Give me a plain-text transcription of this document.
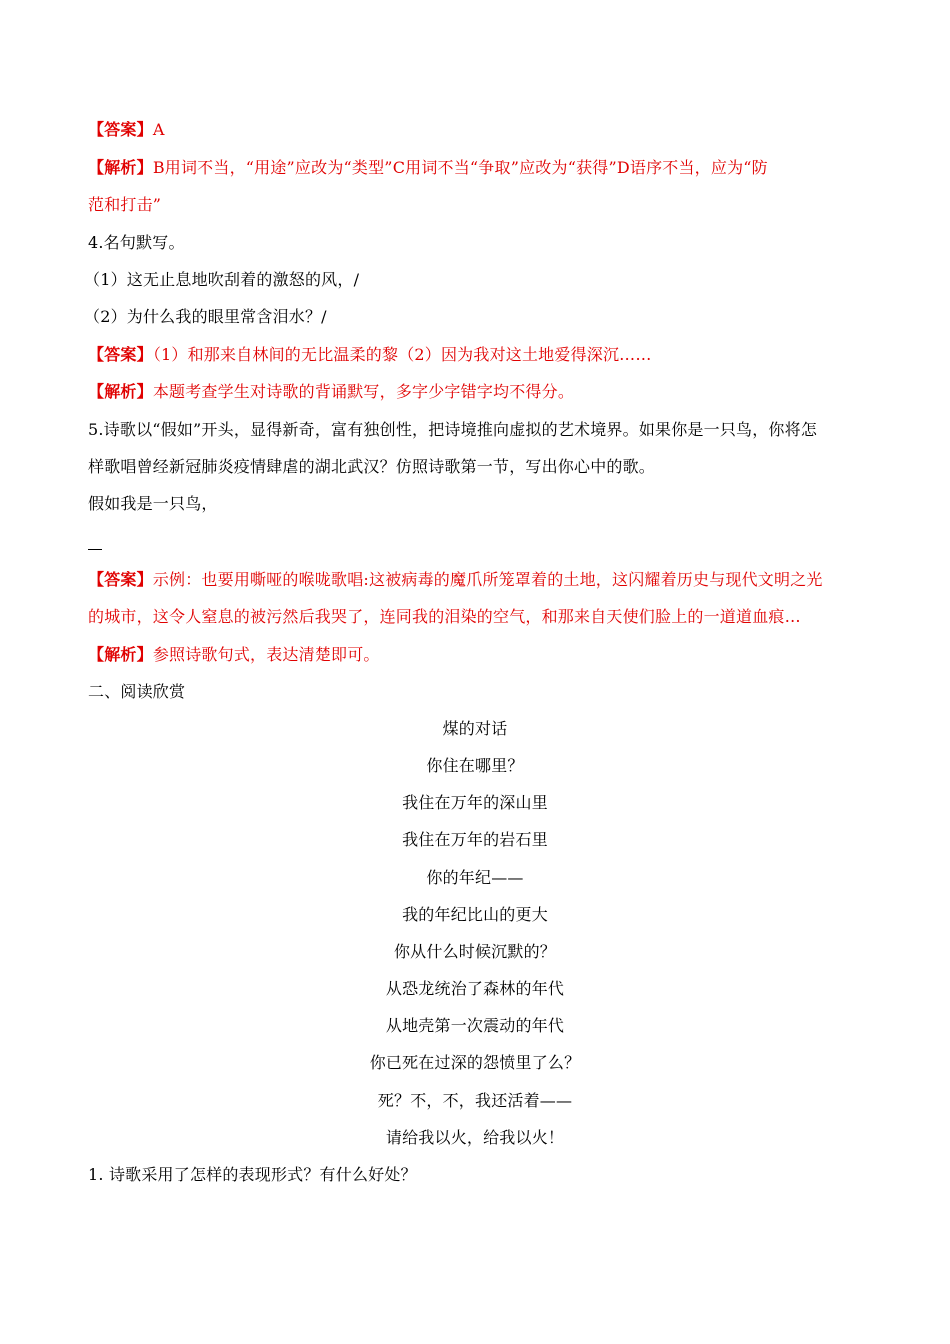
【答案】A
【解析】B用词不当，“用途”应改为“类型”C用词不当“争取”应改为“获得”D语序不当，应为“防
范和打击”
4.名句默写。
（1）这无止息地吹刮着的激怒的风，/
（2）为什么我的眼里常含泪水？/
【答案】（1）和那来自林间的无比温柔的黎（2）因为我对这土地爱得深沉……
【解析】本题考查学生对诗歌的背诵默写，多字少字错字均不得分。
5.诗歌以“假如”开头，显得新奇，富有独创性，把诗境推向虚拟的艺术境界。如果你是一只鸟，你将怎
样歌唱曾经新冠肺炎疫情肆虐的湖北武汉？仿照诗歌第一节，写出你心中的歌。
假如我是一只鸟，
【答案】示例：也要用嘶哑的喉咙歌唱:这被病毒的魔爪所笼罩着的土地，这闪耀着历史与现代文明之光
的城市，这令人窒息的被污然后我哭了，连同我的泪染的空气，和那来自天使们脸上的一道道血痕…
【解析】参照诗歌句式，表达清楚即可。
二、阅读欣赏
煤的对话
你住在哪里？
我住在万年的深山里
我住在万年的岩石里
你的年纪——
我的年纪比山的更大
你从什么时候沉默的？
从恐龙统治了森林的年代
从地壳第一次震动的年代
你已死在过深的怨愤里了么？
死？不，不，我还活着——
请给我以火，给我以火！
1. 诗歌采用了怎样的表现形式？有什么好处？
